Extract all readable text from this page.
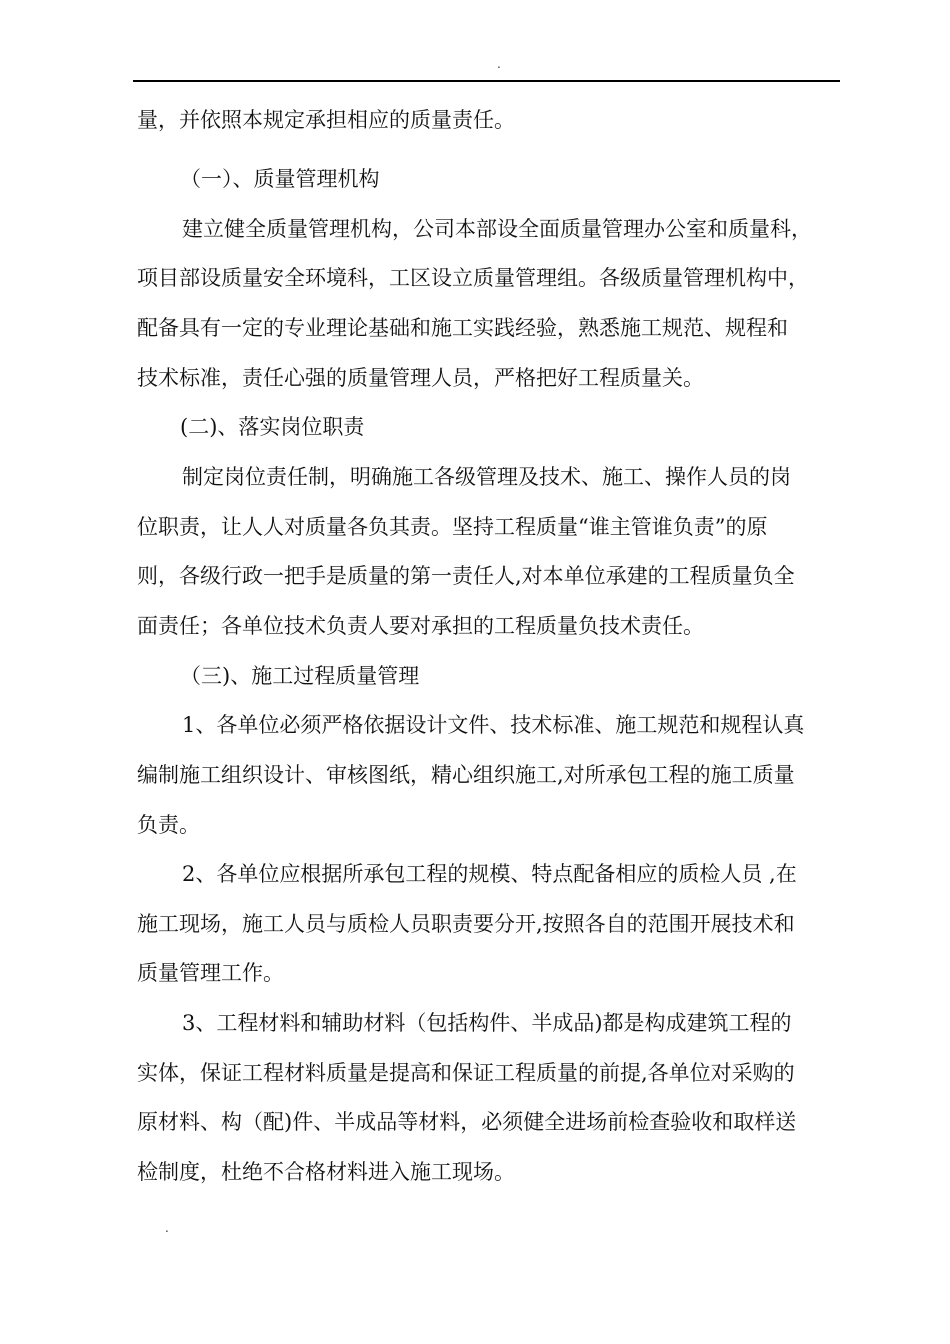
.
量，并依照本规定承担相应的质量责任。
（一）、质量管理机构
建立健全质量管理机构，公司本部设全面质量管理办公室和质量科，
项目部设质量安全环境科，工区设立质量管理组。各级质量管理机构中，
配备具有一定的专业理论基础和施工实践经验，熟悉施工规范、规程和
技术标准，责任心强的质量管理人员，严格把好工程质量关。
(二)、落实岗位职责
制定岗位责任制，明确施工各级管理及技术、施工、操作人员的岗
位职责，让人人对质量各负其责。坚持工程质量“谁主管谁负责”的原
则，各级行政一把手是质量的第一责任人,对本单位承建的工程质量负全
面责任；各单位技术负责人要对承担的工程质量负技术责任。
（三)、施工过程质量管理
1、各单位必须严格依据设计文件、技术标准、施工规范和规程认真
编制施工组织设计、审核图纸，精心组织施工,对所承包工程的施工质量
负责。
2、各单位应根据所承包工程的规模、特点配备相应的质检人员 ,在
施工现场，施工人员与质检人员职责要分开,按照各自的范围开展技术和
质量管理工作。
3、工程材料和辅助材料（包括构件、半成品)都是构成建筑工程的
实体，保证工程材料质量是提高和保证工程质量的前提,各单位对采购的
原材料、构（配)件、半成品等材料，必须健全进场前检查验收和取样送
检制度，杜绝不合格材料进入施工现场。
.
